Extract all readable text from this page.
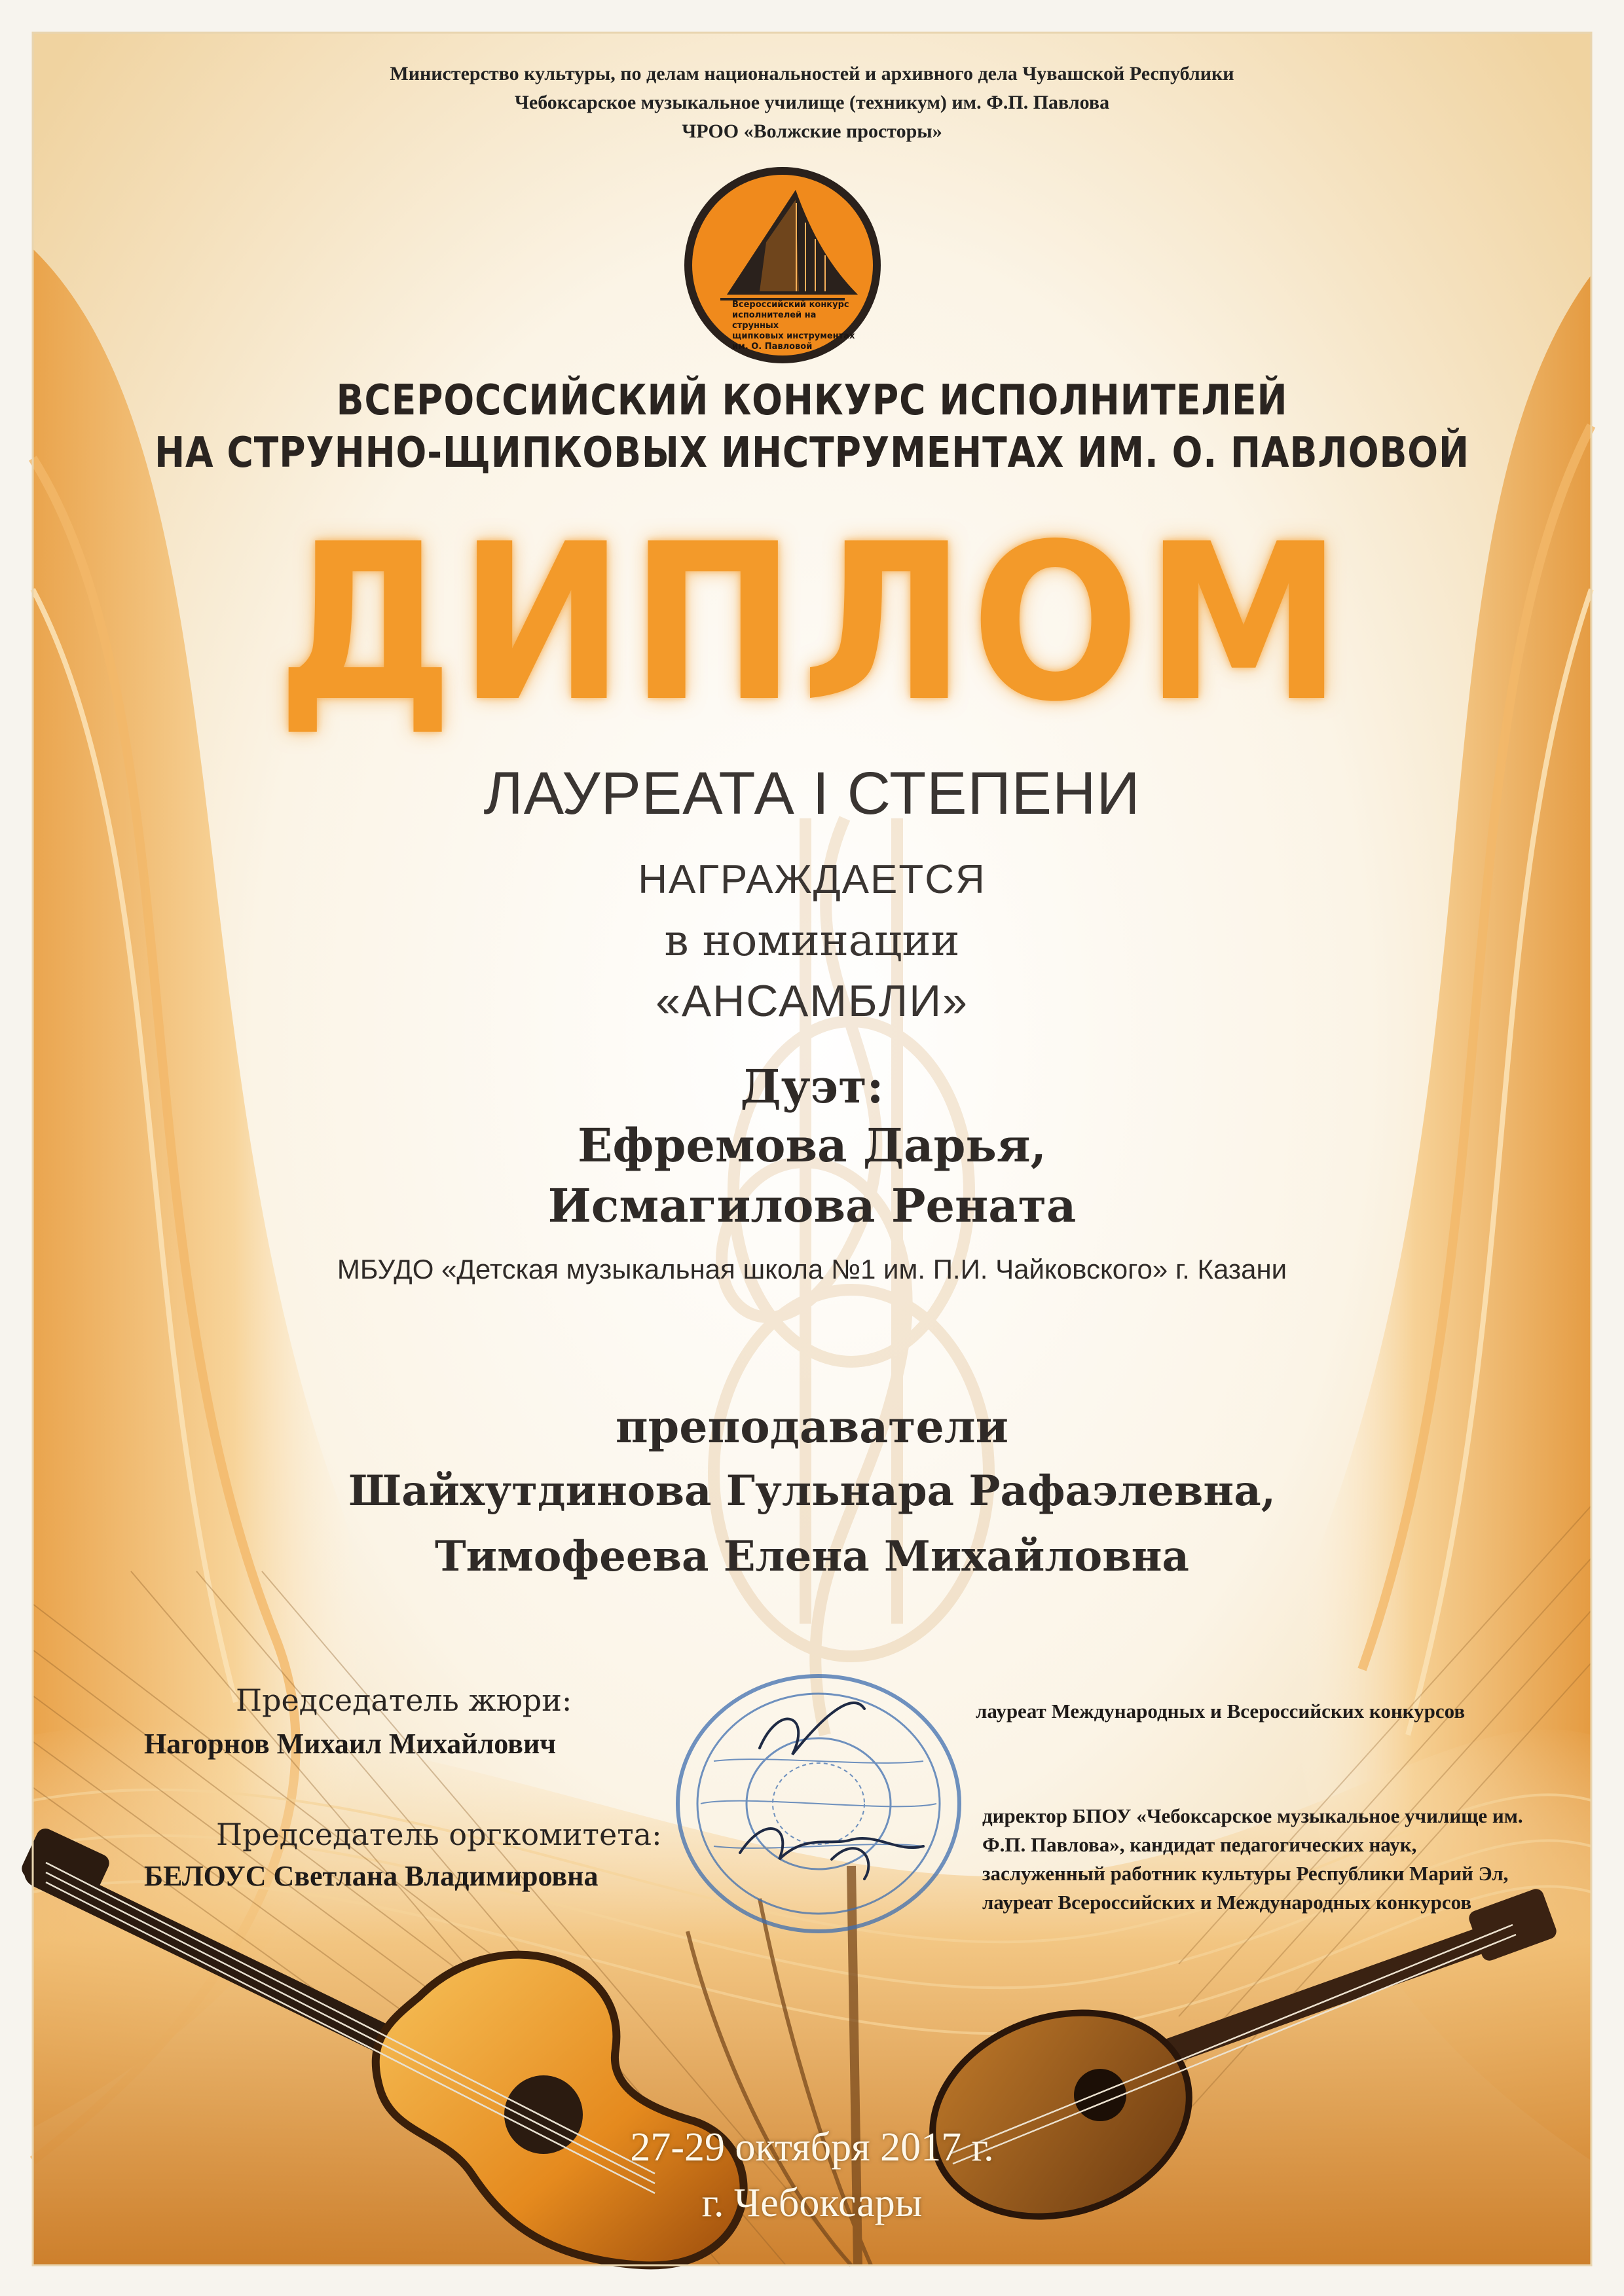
Министерство культуры, по делам национальностей и архивного дела Чувашской Республики
Чебоксарское музыкальное училище (техникум) им. Ф.П. Павлова
ЧРОО «Волжские просторы»
Всероссийский конкурс
исполнителей на струнных
щипковых инструментах
им. О. Павловой
ВСЕРОССИЙСКИЙ КОНКУРС ИСПОЛНИТЕЛЕЙ
НА СТРУННО-ЩИПКОВЫХ ИНСТРУМЕНТАХ ИМ. О. ПАВЛОВОЙ
ДИПЛОМ
ЛАУРЕАТА I СТЕПЕНИ
НАГРАЖДАЕТСЯ
в номинации
«АНСАМБЛИ»
Дуэт:
Ефремова Дарья,
Исмагилова Рената
МБУДО «Детская музыкальная школа №1 им. П.И. Чайковского» г. Казани
преподаватели
Шайхутдинова Гульнара Рафаэлевна,
Тимофеева Елена Михайловна
Председатель жюри:
Нагорнов Михаил Михайлович
лауреат Международных и Всероссийских конкурсов
Председатель оргкомитета:
БЕЛОУС Светлана Владимировна
директор БПОУ «Чебоксарское музыкальное училище им.
Ф.П. Павлова», кандидат педагогических наук,
заслуженный работник культуры Республики Марий Эл,
лауреат Всероссийских и Международных конкурсов
27-29 октября 2017 г.
г. Чебоксары
